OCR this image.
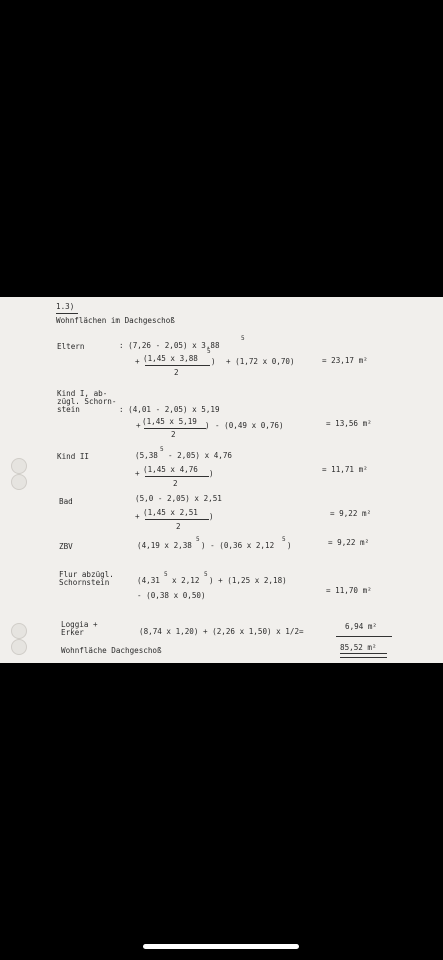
1.3)
Wohnflächen im Dachgeschoß
Eltern	: (7,26 - 2,05) x 3,88
5
+ (1,45 x 3,88
5
)
2
+ (1,72 x 0,70)	= 23,17 m²
Kind I, ab-
zügl. Schorn-
stein	: (4,01 - 2,05) x 5,19
+ (1,45 x 5,19 )
2
- (0,49 x 0,76)	= 13,56 m²
Kind II	(5,38
5
- 2,05) x 4,76
+ (1,45 x 4,76 )
2
= 11,71 m²
Bad	(5,0 - 2,05) x 2,51
+ (1,45 x 2,51 )
2
= 9,22 m²
ZBV	(4,19 x 2,38
5
) - (0,36 x 2,12
5
)	= 9,22 m²
Flur abzügl.
Schornstein	(4,31
5
x 2,12
5
) + (1,25 x 2,18)
- (0,38 x 0,50)
= 11,70 m²
Loggia +
Erker	(8,74 x 1,20) + (2,26 x 1,50) x 1/2=
6,94 m²
Wohnfläche Dachgeschoß	85,52 m²
